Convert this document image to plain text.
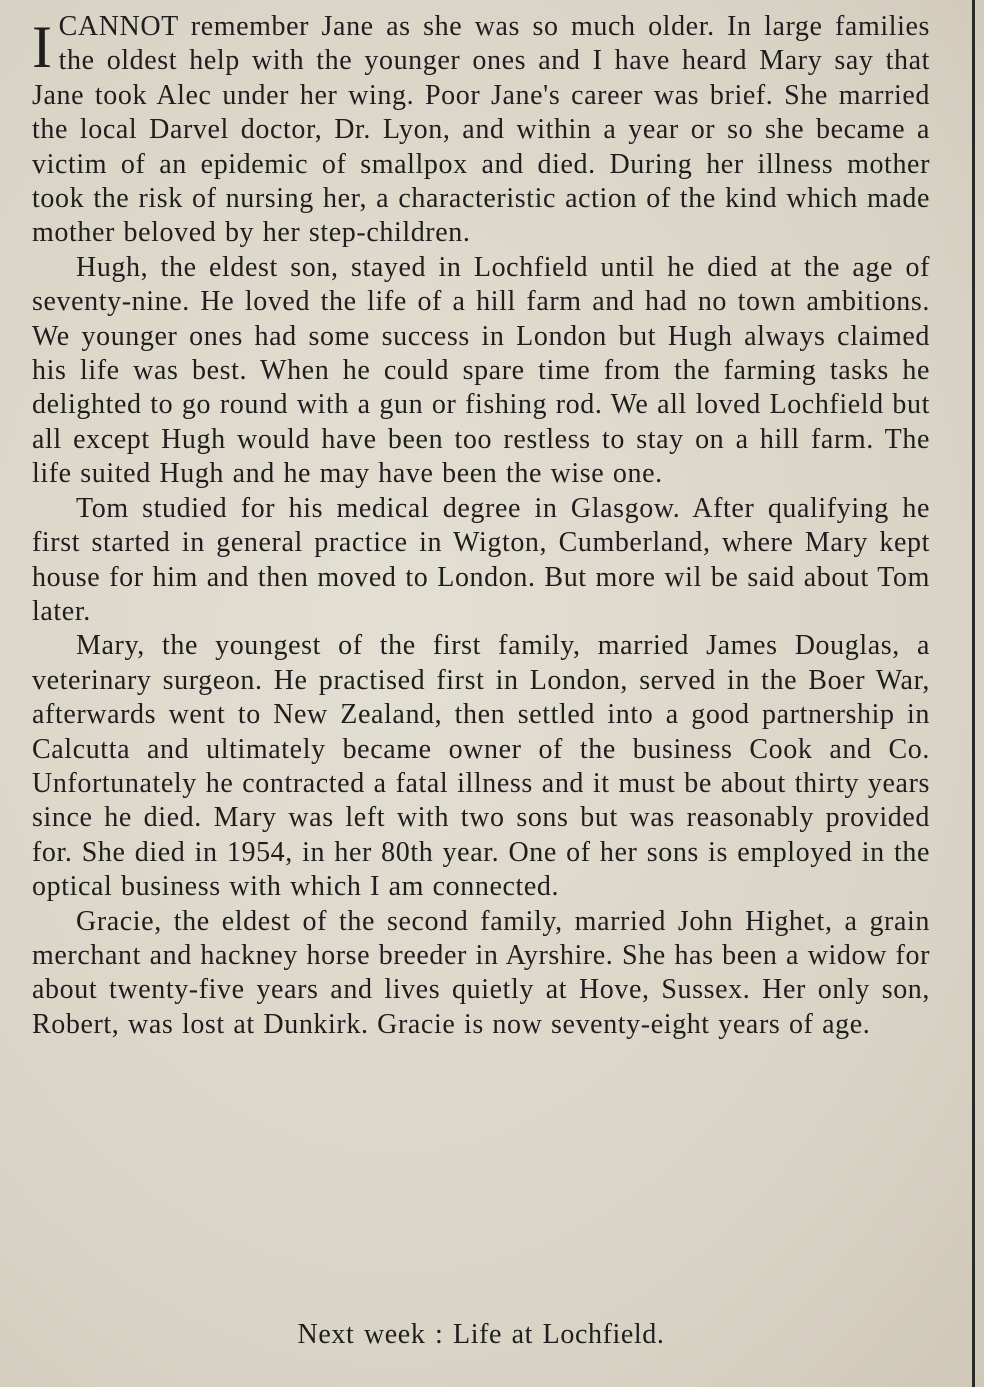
ICANNOT remember Jane as she was so much older. In large families the oldest help with the younger ones and I have heard Mary say that Jane took Alec under her wing. Poor Jane's career was brief. She married the local Darvel doctor, Dr. Lyon, and within a year or so she became a victim of an epidemic of smallpox and died. During her illness mother took the risk of nursing her, a characteristic action of the kind which made mother beloved by her step-children.

Hugh, the eldest son, stayed in Lochfield until he died at the age of seventy-nine. He loved the life of a hill farm and had no town ambitions. We younger ones had some success in London but Hugh always claimed his life was best. When he could spare time from the farming tasks he delighted to go round with a gun or fishing rod. We all loved Lochfield but all except Hugh would have been too restless to stay on a hill farm. The life suited Hugh and he may have been the wise one.

Tom studied for his medical degree in Glasgow. After qualifying he first started in general practice in Wigton, Cumberland, where Mary kept house for him and then moved to London. But more wil be said about Tom later.

Mary, the youngest of the first family, married James Douglas, a veterinary surgeon. He practised first in London, served in the Boer War, afterwards went to New Zealand, then settled into a good partnership in Calcutta and ultimately became owner of the business Cook and Co. Unfortunately he contracted a fatal illness and it must be about thirty years since he died. Mary was left with two sons but was reasonably provided for. She died in 1954, in her 80th year. One of her sons is employed in the optical business with which I am connected.

Gracie, the eldest of the second family, married John Highet, a grain merchant and hackney horse breeder in Ayrshire. She has been a widow for about twenty-five years and lives quietly at Hove, Sussex. Her only son, Robert, was lost at Dunkirk. Gracie is now seventy-eight years of age.

Next week : Life at Lochfield.
